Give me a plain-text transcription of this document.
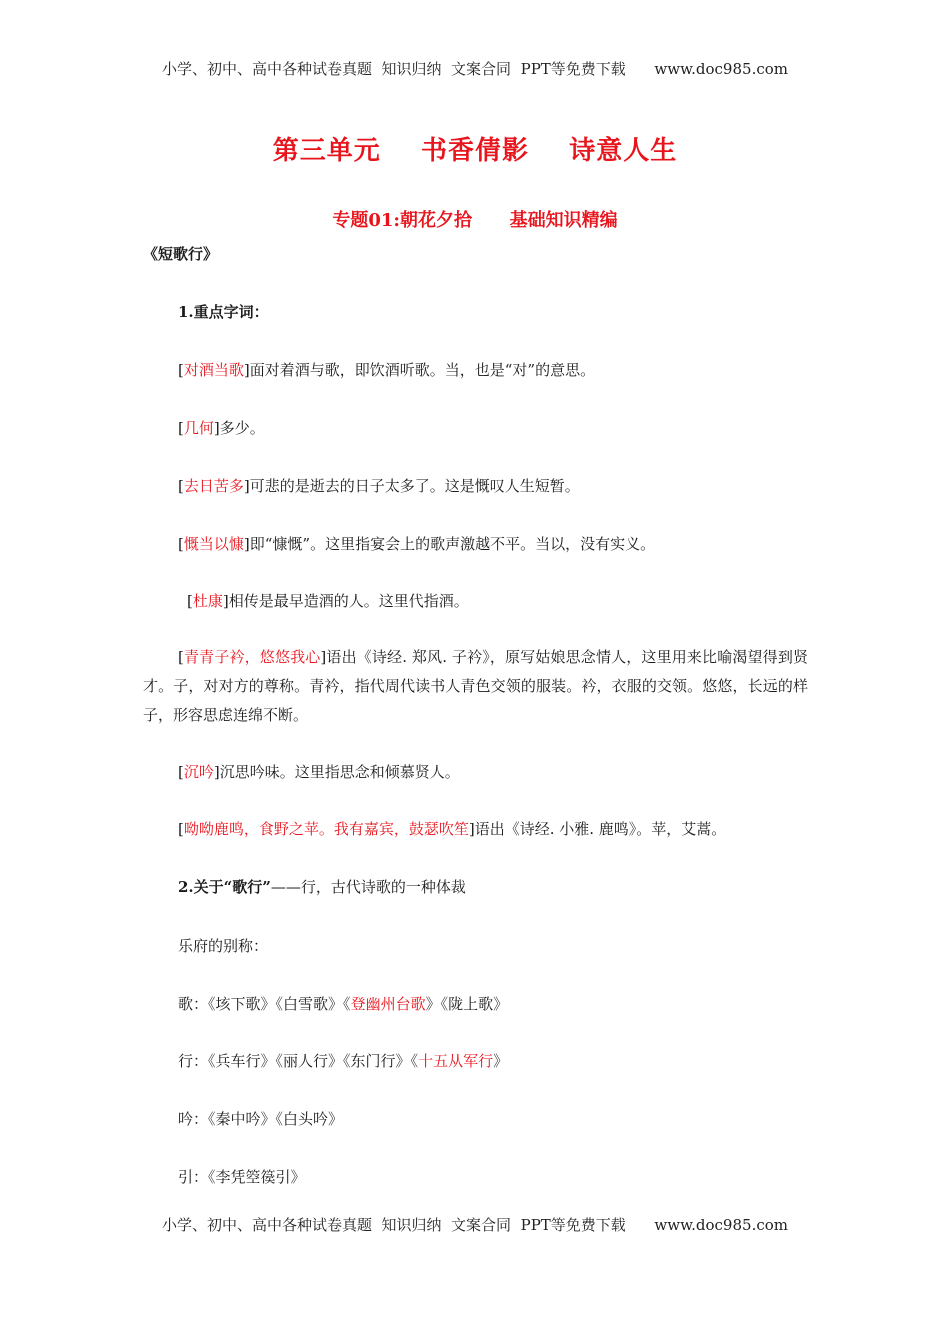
小学、初中、高中各种试卷真题  知识归纳  文案合同  PPT等免费下载      www.doc985.com
第三单元    书香倩影    诗意人生
专题01:朝花夕拾      基础知识精编
《短歌行》
1.重点字词：
[对酒当歌]面对着酒与歌，即饮酒听歌。当，也是“对”的意思。
[几何]多少。
[去日苦多]可悲的是逝去的日子太多了。这是慨叹人生短暂。
[慨当以慷]即“慷慨”。这里指宴会上的歌声激越不平。当以，没有实义。
[杜康]相传是最早造酒的人。这里代指酒。
[青青子衿，悠悠我心]语出《诗经. 郑风. 子衿》，原写姑娘思念情人，这里用来比喻渴望得到贤才。子，对对方的尊称。青衿，指代周代读书人青色交领的服装。衿，衣服的交领。悠悠，长远的样子，形容思虑连绵不断。
[沉吟]沉思吟味。这里指思念和倾慕贤人。
[呦呦鹿鸣，食野之苹。我有嘉宾，鼓瑟吹笙]语出《诗经. 小雅. 鹿鸣》。苹，艾蒿。
2.关于“歌行”——行，古代诗歌的一种体裁
乐府的别称：
歌：《垓下歌》《白雪歌》《登幽州台歌》《陇上歌》
行：《兵车行》《丽人行》《东门行》《十五从军行》
吟：《秦中吟》《白头吟》
引：《李凭箜篌引》
小学、初中、高中各种试卷真题  知识归纳  文案合同  PPT等免费下载      www.doc985.com
